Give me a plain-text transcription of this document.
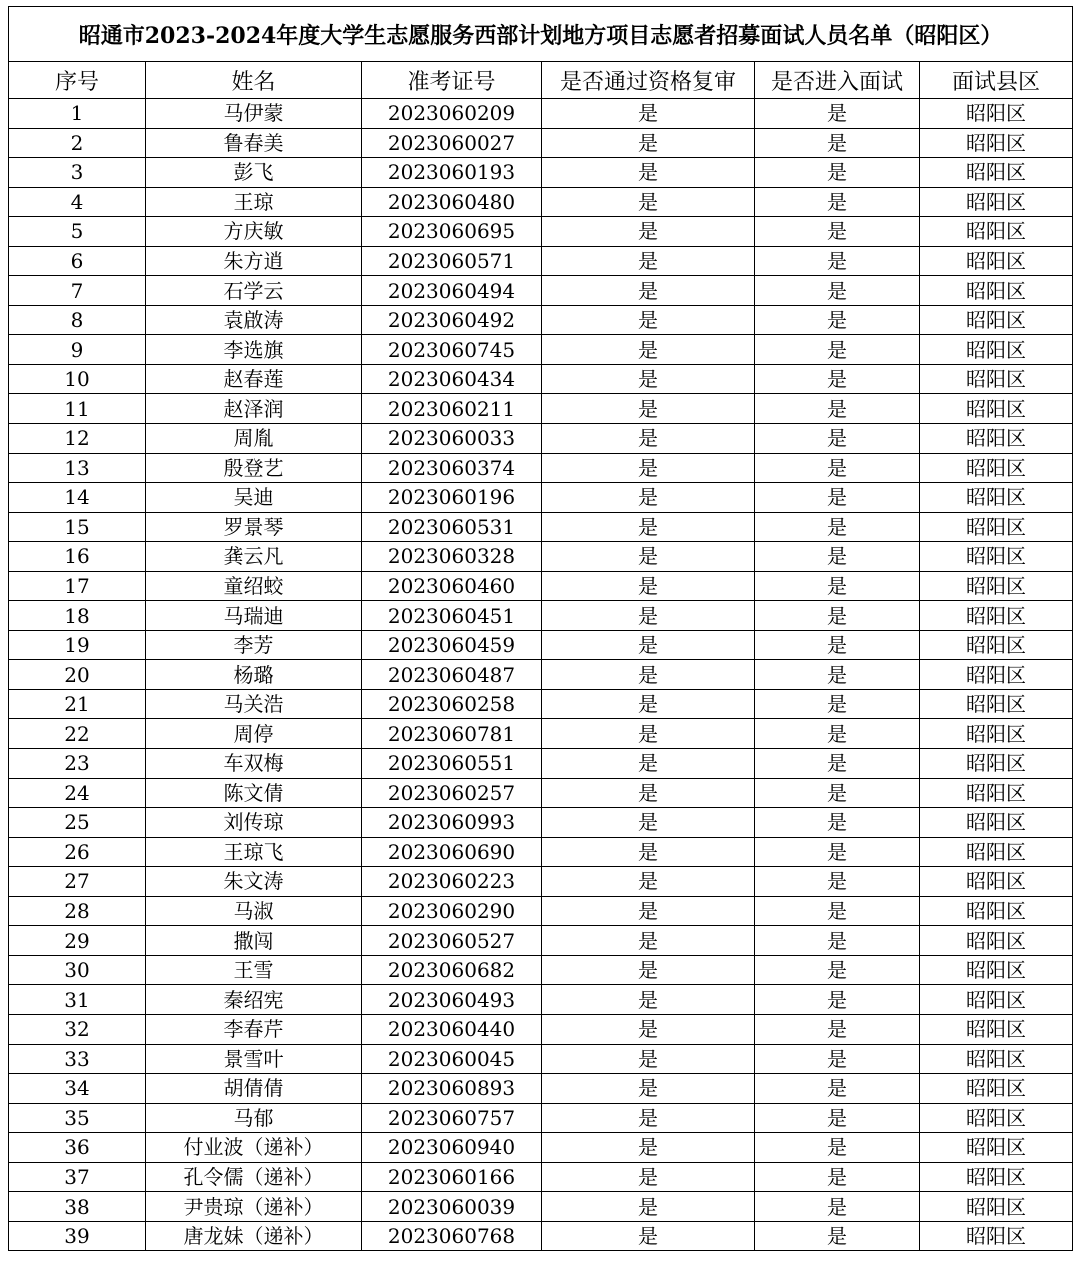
昭通市2023-2024年度大学生志愿服务西部计划地方项目志愿者招募面试人员名单（昭阳区）					
序号	姓名	准考证号	是否通过资格复审	是否进入面试	面试县区
1	马伊蒙	2023060209	是	是	昭阳区
2	鲁春美	2023060027	是	是	昭阳区
3	彭飞	2023060193	是	是	昭阳区
4	王琼	2023060480	是	是	昭阳区
5	方庆敏	2023060695	是	是	昭阳区
6	朱方逍	2023060571	是	是	昭阳区
7	石学云	2023060494	是	是	昭阳区
8	袁啟涛	2023060492	是	是	昭阳区
9	李选旗	2023060745	是	是	昭阳区
10	赵春莲	2023060434	是	是	昭阳区
11	赵泽润	2023060211	是	是	昭阳区
12	周胤	2023060033	是	是	昭阳区
13	殷登艺	2023060374	是	是	昭阳区
14	吴迪	2023060196	是	是	昭阳区
15	罗景琴	2023060531	是	是	昭阳区
16	龚云凡	2023060328	是	是	昭阳区
17	童绍蛟	2023060460	是	是	昭阳区
18	马瑞迪	2023060451	是	是	昭阳区
19	李芳	2023060459	是	是	昭阳区
20	杨璐	2023060487	是	是	昭阳区
21	马关浩	2023060258	是	是	昭阳区
22	周停	2023060781	是	是	昭阳区
23	车双梅	2023060551	是	是	昭阳区
24	陈文倩	2023060257	是	是	昭阳区
25	刘传琼	2023060993	是	是	昭阳区
26	王琼飞	2023060690	是	是	昭阳区
27	朱文涛	2023060223	是	是	昭阳区
28	马淑	2023060290	是	是	昭阳区
29	撒闯	2023060527	是	是	昭阳区
30	王雪	2023060682	是	是	昭阳区
31	秦绍宪	2023060493	是	是	昭阳区
32	李春芹	2023060440	是	是	昭阳区
33	景雪叶	2023060045	是	是	昭阳区
34	胡倩倩	2023060893	是	是	昭阳区
35	马郁	2023060757	是	是	昭阳区
36	付业波（递补）	2023060940	是	是	昭阳区
37	孔令儒（递补）	2023060166	是	是	昭阳区
38	尹贵琼（递补）	2023060039	是	是	昭阳区
39	唐龙妹（递补）	2023060768	是	是	昭阳区
